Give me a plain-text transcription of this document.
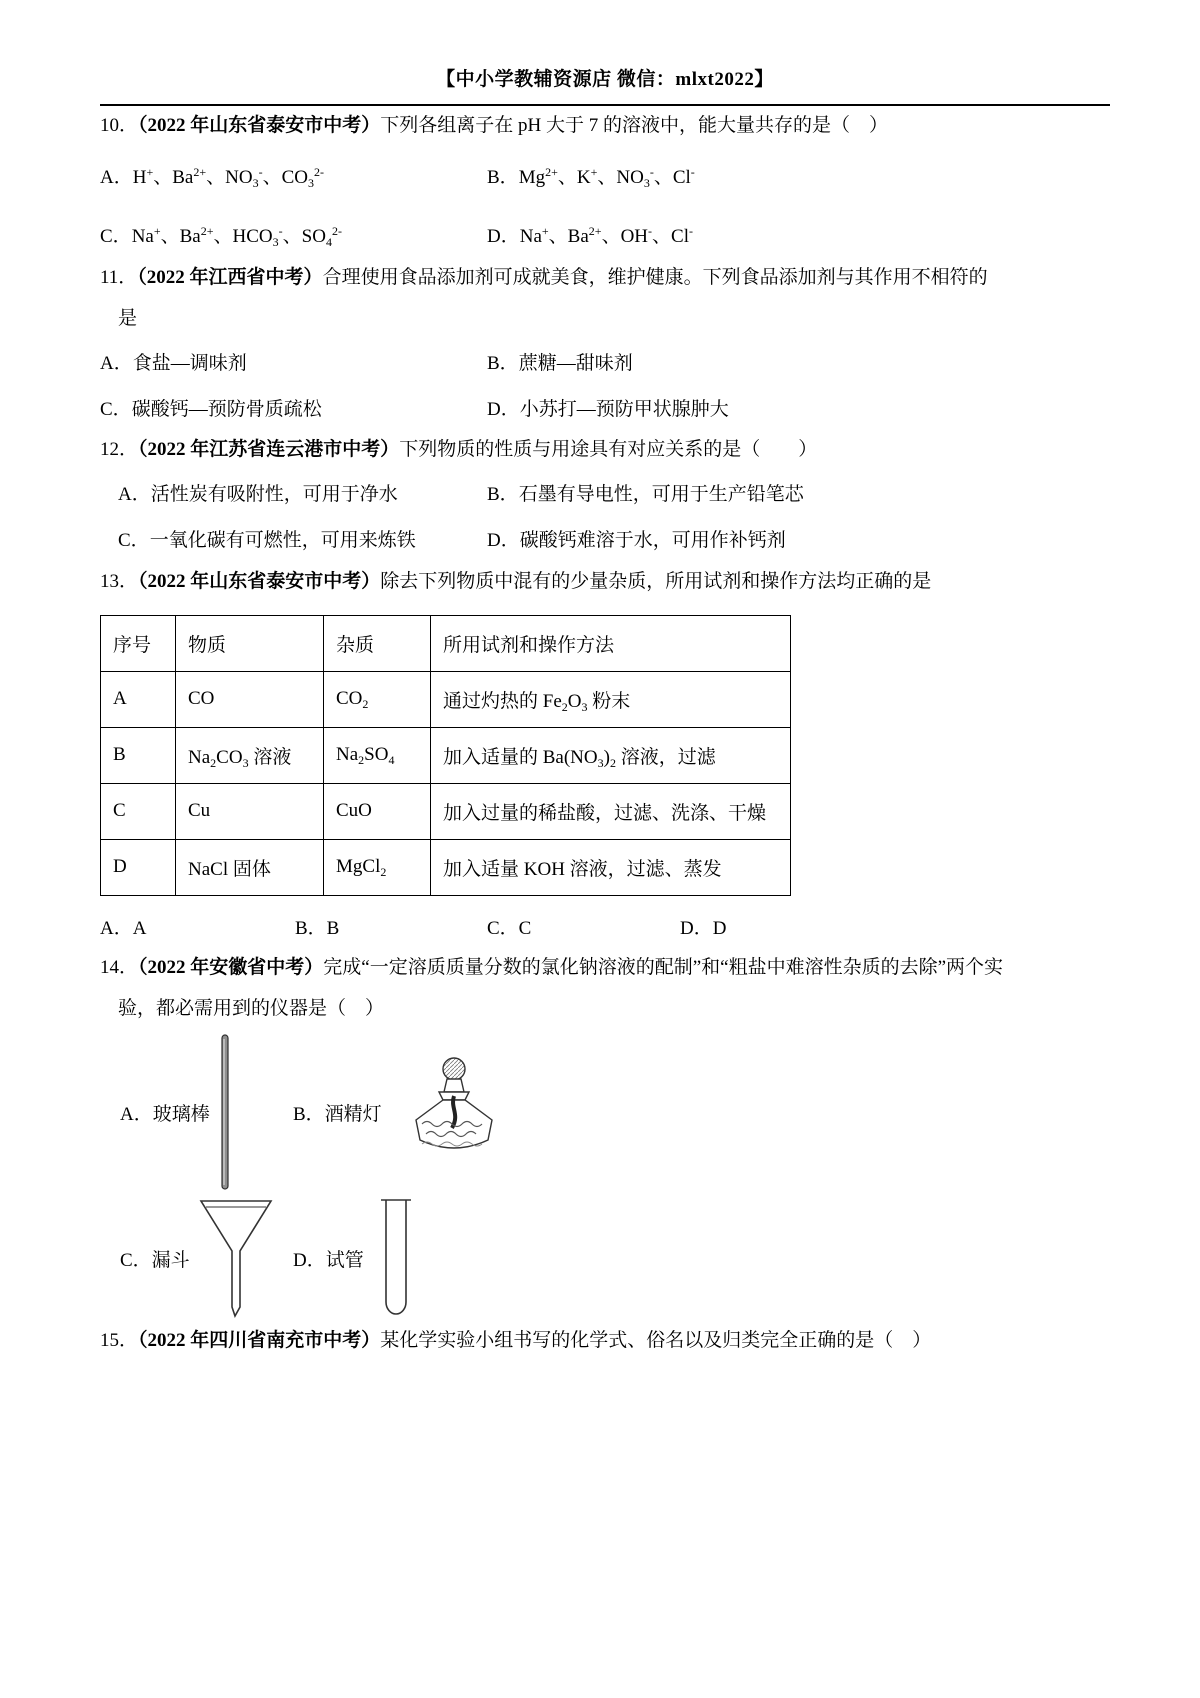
【中小学教辅资源店 微信：mlxt2022】

10．（2022 年山东省泰安市中考）下列各组离子在 pH 大于 7 的溶液中，能大量共存的是（　）

A．H+、$Ba^{2+}$、$NO_3^-$、$CO_3^{2-}$	B．$Mg^{2+}$、K+、$NO_3^-$、Cl-

C．Na+、$Ba^{2+}$、$HCO_3^-$、$SO_4^{2-}$	D．Na+、$Ba^{2+}$、OH-、Cl-

11．（2022 年江西省中考）合理使用食品添加剂可成就美食，维护健康。下列食品添加剂与其作用不相符的是

A．食盐—调味剂	B．蔗糖—甜味剂

C．碳酸钙—预防骨质疏松	D．小苏打—预防甲状腺肿大

12．（2022 年江苏省连云港市中考）下列物质的性质与用途具有对应关系的是（　　）

A．活性炭有吸附性，可用于净水	B．石墨有导电性，可用于生产铅笔芯

C．一氧化碳有可燃性，可用来炼铁	D．碳酸钙难溶于水，可用作补钙剂

13．（2022 年山东省泰安市中考）除去下列物质中混有的少量杂质，所用试剂和操作方法均正确的是

序号	物质	杂质	所用试剂和操作方法
A	CO	$CO_2$	通过灼热的 $Fe_2O_3$ 粉末
B	$Na_2CO_3$ 溶液	$Na_2SO_4$	加入适量的 $Ba(NO_3)_2$ 溶液，过滤
C	Cu	CuO	加入过量的稀盐酸，过滤、洗涤、干燥
D	NaCl 固体	MgCl$_2$	加入适量 KOH 溶液，过滤、蒸发

A．A	B．B	C．C	D．D

14．（2022 年安徽省中考）完成“一定溶质质量分数的氯化钠溶液的配制”和“粗盐中难溶性杂质的去除”两个实验，都必需用到的仪器是（　）

A．玻璃棒	B．酒精灯
C．漏斗	D．试管

15．（2022 年四川省南充市中考）某化学实验小组书写的化学式、俗名以及归类完全正确的是（　）
